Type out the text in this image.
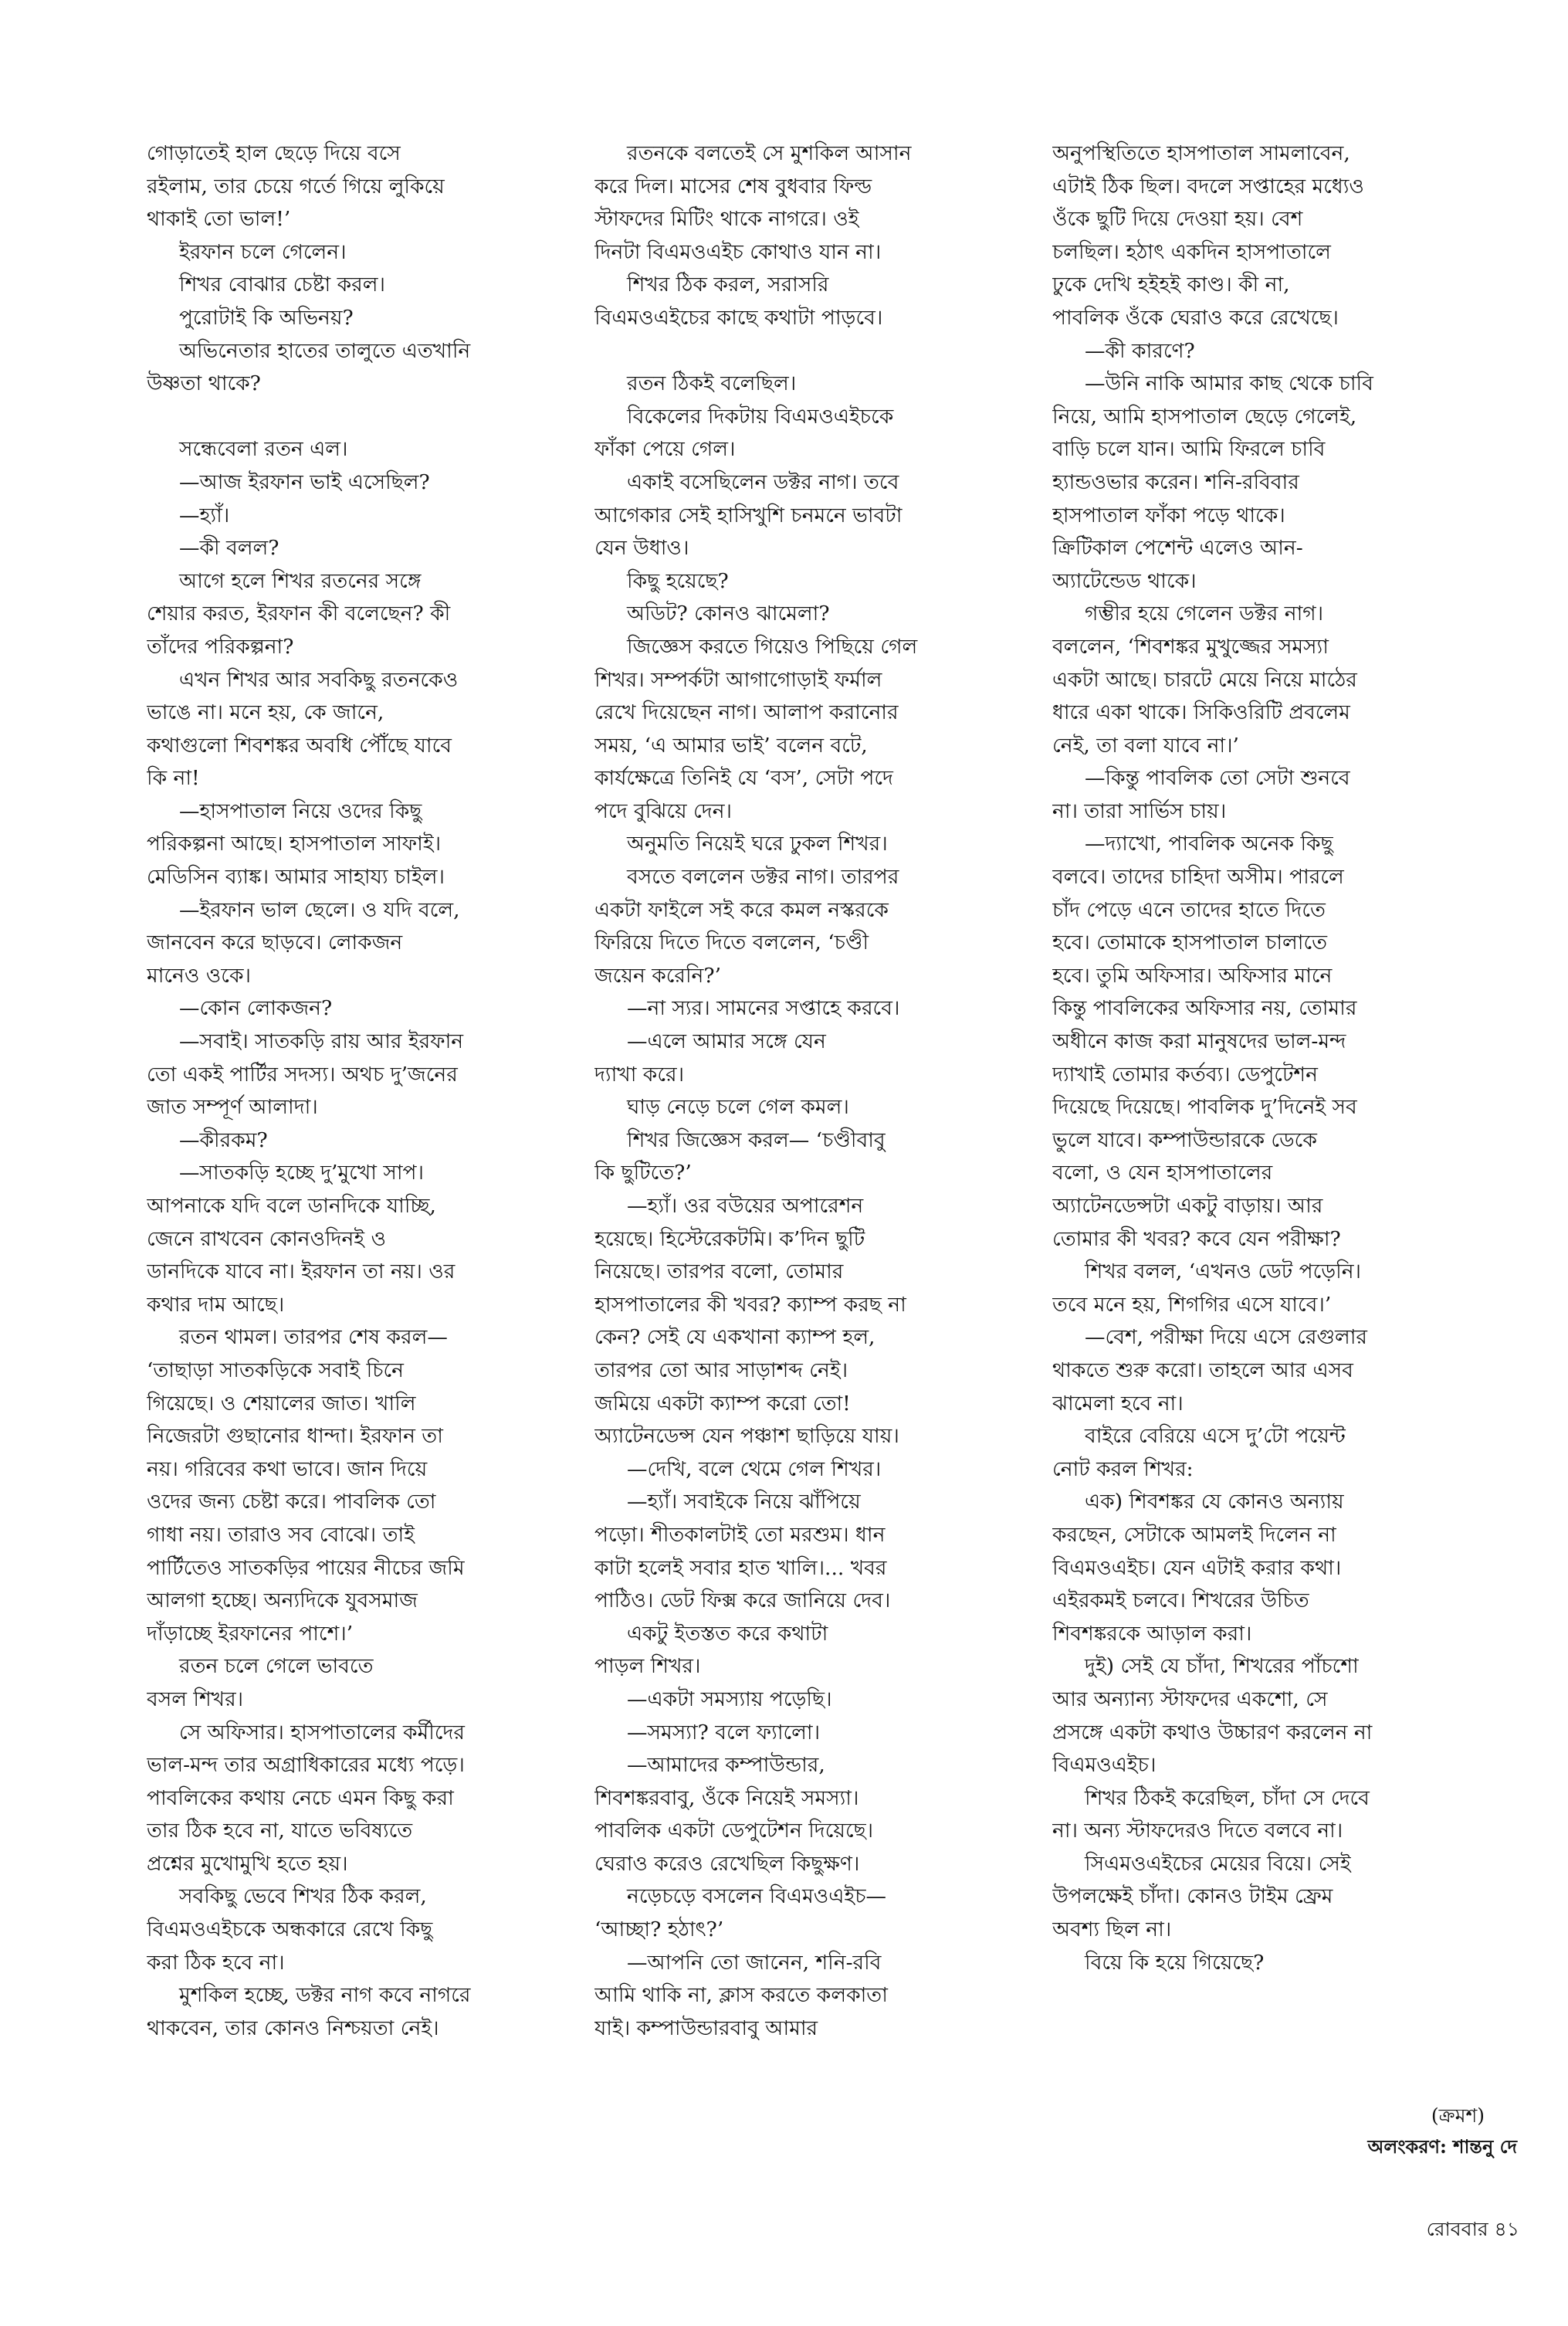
গোড়াতেই হাল ছেড়ে দিয়ে বসে

রইলাম, তার চেয়ে গর্তে গিয়ে লুকিয়ে

থাকাই তো ভাল!’

ইরফান চলে গেলেন।

শিখর বোঝার চেষ্টা করল।

পুরোটাই কি অভিনয়?

অভিনেতার হাতের তালুতে এতখানি

উষ্ণতা থাকে?

সন্ধেবেলা রতন এল।

—আজ ইরফান ভাই এসেছিল?

—হ্যাঁ।

—কী বলল?

আগে হলে শিখর রতনের সঙ্গে

শেয়ার করত, ইরফান কী বলেছেন? কী

তাঁদের পরিকল্পনা?

এখন শিখর আর সবকিছু রতনকেও

ভাঙে না। মনে হয়, কে জানে,

কথাগুলো শিবশঙ্কর অবধি পৌঁছে যাবে

কি না!

—হাসপাতাল নিয়ে ওদের কিছু

পরিকল্পনা আছে। হাসপাতাল সাফাই।

মেডিসিন ব্যাঙ্ক। আমার সাহায্য চাইল।

—ইরফান ভাল ছেলে। ও যদি বলে,

জানবেন করে ছাড়বে। লোকজন

মানেও ওকে।

—কোন লোকজন?

—সবাই। সাতকড়ি রায় আর ইরফান

তো একই পার্টির সদস্য। অথচ দু’জনের

জাত সম্পূর্ণ আলাদা।

—কীরকম?

—সাতকড়ি হচ্ছে দু’মুখো সাপ।

আপনাকে যদি বলে ডানদিকে যাচ্ছি,

জেনে রাখবেন কোনওদিনই ও

ডানদিকে যাবে না। ইরফান তা নয়। ওর

কথার দাম আছে।

রতন থামল। তারপর শেষ করল—

‘তাছাড়া সাতকড়িকে সবাই চিনে

গিয়েছে। ও শেয়ালের জাত। খালি

নিজেরটা গুছানোর ধান্দা। ইরফান তা

নয়। গরিবের কথা ভাবে। জান দিয়ে

ওদের জন্য চেষ্টা করে। পাবলিক তো

গাধা নয়। তারাও সব বোঝে। তাই

পার্টিতেও সাতকড়ির পায়ের নীচের জমি

আলগা হচ্ছে। অন্যদিকে যুবসমাজ

দাঁড়াচ্ছে ইরফানের পাশে।’

রতন চলে গেলে ভাবতে

বসল শিখর।

সে অফিসার। হাসপাতালের কর্মীদের

ভাল-মন্দ তার অগ্রাধিকারের মধ্যে পড়ে।

পাবলিকের কথায় নেচে এমন কিছু করা

তার ঠিক হবে না, যাতে ভবিষ্যতে

প্রশ্নের মুখোমুখি হতে হয়।

সবকিছু ভেবে শিখর ঠিক করল,

বিএমওএইচকে অন্ধকারে রেখে কিছু

করা ঠিক হবে না।

মুশকিল হচ্ছে, ডক্টর নাগ কবে নাগরে

থাকবেন, তার কোনও নিশ্চয়তা নেই।

রতনকে বলতেই সে মুশকিল আসান

করে দিল। মাসের শেষ বুধবার ফিল্ড

স্টাফদের মিটিং থাকে নাগরে। ওই

দিনটা বিএমওএইচ কোথাও যান না।

শিখর ঠিক করল, সরাসরি

বিএমওএইচের কাছে কথাটা পাড়বে।

রতন ঠিকই বলেছিল।

বিকেলের দিকটায় বিএমওএইচকে

ফাঁকা পেয়ে গেল।

একাই বসেছিলেন ডক্টর নাগ। তবে

আগেকার সেই হাসিখুশি চনমনে ভাবটা

যেন উধাও।

কিছু হয়েছে?

অডিট? কোনও ঝামেলা?

জিজ্ঞেস করতে গিয়েও পিছিয়ে গেল

শিখর। সম্পর্কটা আগাগোড়াই ফর্মাল

রেখে দিয়েছেন নাগ। আলাপ করানোর

সময়, ‘এ আমার ভাই’ বলেন বটে,

কার্যক্ষেত্রে তিনিই যে ‘বস’, সেটা পদে

পদে বুঝিয়ে দেন।

অনুমতি নিয়েই ঘরে ঢুকল শিখর।

বসতে বললেন ডক্টর নাগ। তারপর

একটা ফাইলে সই করে কমল নস্করকে

ফিরিয়ে দিতে দিতে বললেন, ‘চণ্ডী

জয়েন করেনি?’

—না স্যর। সামনের সপ্তাহে করবে।

—এলে আমার সঙ্গে যেন

দ্যাখা করে।

ঘাড় নেড়ে চলে গেল কমল।

শিখর জিজ্ঞেস করল— ‘চণ্ডীবাবু

কি ছুটিতে?’

—হ্যাঁ। ওর বউয়ের অপারেশন

হয়েছে। হিস্টেরেকটমি। ক’দিন ছুটি

নিয়েছে। তারপর বলো, তোমার

হাসপাতালের কী খবর? ক্যাম্প করছ না

কেন? সেই যে একখানা ক্যাম্প হল,

তারপর তো আর সাড়াশব্দ নেই।

জমিয়ে একটা ক্যাম্প করো তো!

অ্যাটেনডেন্স যেন পঞ্চাশ ছাড়িয়ে যায়।

—দেখি, বলে থেমে গেল শিখর।

—হ্যাঁ। সবাইকে নিয়ে ঝাঁপিয়ে

পড়ো। শীতকালটাই তো মরশুম। ধান

কাটা হলেই সবার হাত খালি।... খবর

পাঠিও। ডেট ফিক্স করে জানিয়ে দেব।

একটু ইতস্তত করে কথাটা

পাড়ল শিখর।

—একটা সমস্যায় পড়েছি।

—সমস্যা? বলে ফ্যালো।

—আমাদের কম্পাউন্ডার,

শিবশঙ্করবাবু, ওঁকে নিয়েই সমস্যা।

পাবলিক একটা ডেপুটেশন দিয়েছে।

ঘেরাও করেও রেখেছিল কিছুক্ষণ।

নড়েচড়ে বসলেন বিএমওএইচ—

‘আচ্ছা? হঠাৎ?’

—আপনি তো জানেন, শনি-রবি

আমি থাকি না, ক্লাস করতে কলকাতা

যাই। কম্পাউন্ডারবাবু আমার

অনুপস্থিতিতে হাসপাতাল সামলাবেন,

এটাই ঠিক ছিল। বদলে সপ্তাহের মধ্যেও

ওঁকে ছুটি দিয়ে দেওয়া হয়। বেশ

চলছিল। হঠাৎ একদিন হাসপাতালে

ঢুকে দেখি হইহই কাণ্ড। কী না,

পাবলিক ওঁকে ঘেরাও করে রেখেছে।

—কী কারণে?

—উনি নাকি আমার কাছ থেকে চাবি

নিয়ে, আমি হাসপাতাল ছেড়ে গেলেই,

বাড়ি চলে যান। আমি ফিরলে চাবি

হ্যান্ডওভার করেন। শনি-রবিবার

হাসপাতাল ফাঁকা পড়ে থাকে।

ক্রিটিকাল পেশেন্ট এলেও আন-

অ্যাটেন্ডেড থাকে।

গম্ভীর হয়ে গেলেন ডক্টর নাগ।

বললেন, ‘শিবশঙ্কর মুখুজ্জের সমস্যা

একটা আছে। চারটে মেয়ে নিয়ে মাঠের

ধারে একা থাকে। সিকিওরিটি প্রবলেম

নেই, তা বলা যাবে না।’

—কিন্তু পাবলিক তো সেটা শুনবে

না। তারা সার্ভিস চায়।

—দ্যাখো, পাবলিক অনেক কিছু

বলবে। তাদের চাহিদা অসীম। পারলে

চাঁদ পেড়ে এনে তাদের হাতে দিতে

হবে। তোমাকে হাসপাতাল চালাতে

হবে। তুমি অফিসার। অফিসার মানে

কিন্তু পাবলিকের অফিসার নয়, তোমার

অধীনে কাজ করা মানুষদের ভাল-মন্দ

দ্যাখাই তোমার কর্তব্য। ডেপুটেশন

দিয়েছে দিয়েছে। পাবলিক দু’দিনেই সব

ভুলে যাবে। কম্পাউন্ডারকে ডেকে

বলো, ও যেন হাসপাতালের

অ্যাটেনডেন্সটা একটু বাড়ায়। আর

তোমার কী খবর? কবে যেন পরীক্ষা?

শিখর বলল, ‘এখনও ডেট পড়েনি।

তবে মনে হয়, শিগগির এসে যাবে।’

—বেশ, পরীক্ষা দিয়ে এসে রেগুলার

থাকতে শুরু করো। তাহলে আর এসব

ঝামেলা হবে না।

বাইরে বেরিয়ে এসে দু’টো পয়েন্ট

নোট করল শিখর:

এক) শিবশঙ্কর যে কোনও অন্যায়

করছেন, সেটাকে আমলই দিলেন না

বিএমওএইচ। যেন এটাই করার কথা।

এইরকমই চলবে। শিখরের উচিত

শিবশঙ্করকে আড়াল করা।

দুই) সেই যে চাঁদা, শিখরের পাঁচশো

আর অন্যান্য স্টাফদের একশো, সে

প্রসঙ্গে একটা কথাও উচ্চারণ করলেন না

বিএমওএইচ।

শিখর ঠিকই করেছিল, চাঁদা সে দেবে

না। অন্য স্টাফদেরও দিতে বলবে না।

সিএমওএইচের মেয়ের বিয়ে। সেই

উপলক্ষেই চাঁদা। কোনও টাইম ফ্রেম

অবশ্য ছিল না।

বিয়ে কি হয়ে গিয়েছে?

(ক্রমশ)
অলংকরণ: শান্তনু দে
রোববার ৪১
